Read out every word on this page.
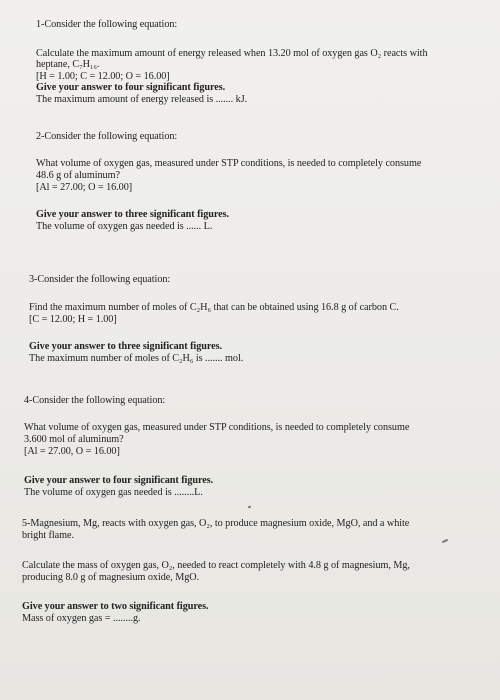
1-Consider the following equation:
Calculate the maximum amount of energy released when 13.20 mol of oxygen gas O₂ reacts with
heptane, C₇H₁₆.
[H = 1.00; C = 12.00; O = 16.00]
Give your answer to four significant figures.
The maximum amount of energy released is ....... kJ.
2-Consider the following equation:
What volume of oxygen gas, measured under STP conditions, is needed to completely consume
48.6 g of aluminum?
[Al = 27.00; O = 16.00]
Give your answer to three significant figures.
The volume of oxygen gas needed is ...... L.
3-Consider the following equation:
Find the maximum number of moles of C₂H₆ that can be obtained using 16.8 g of carbon C.
[C = 12.00; H = 1.00]
Give your answer to three significant figures.
The maximum number of moles of C₂H₆ is ....... mol.
4-Consider the following equation:
What volume of oxygen gas, measured under STP conditions, is needed to completely consume
3.600 mol of aluminum?
[Al = 27.00, O = 16.00]
Give your answer to four significant figures.
The volume of oxygen gas needed is ........L.
5-Magnesium, Mg, reacts with oxygen gas, O₂, to produce magnesium oxide, MgO, and a white
bright flame.
Calculate the mass of oxygen gas, O₂, needed to react completely with 4.8 g of magnesium, Mg,
producing 8.0 g of magnesium oxide, MgO.
Give your answer to two significant figures.
Mass of oxygen gas = ........g.
